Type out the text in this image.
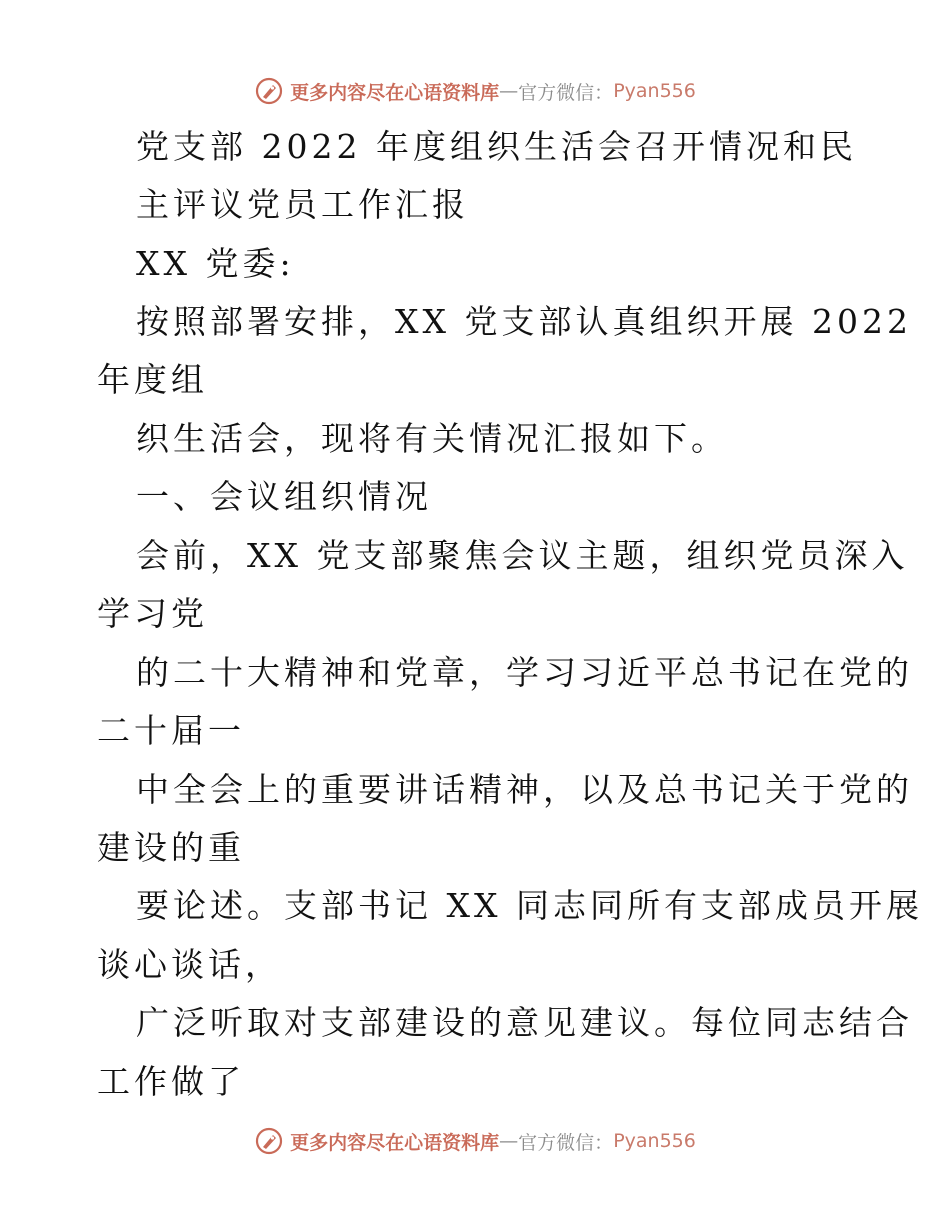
更多内容尽在心语资料库 — 官方微信： Pyan556
党支部 2022 年度组织生活会召开情况和民
主评议党员工作汇报
XX 党委:
按照部署安排，XX 党支部认真组织开展 2022
年度组
织生活会，现将有关情况汇报如下。
一、会议组织情况
会前，XX 党支部聚焦会议主题，组织党员深入
学习党
的二十大精神和党章，学习习近平总书记在党的
二十届一
中全会上的重要讲话精神，以及总书记关于党的
建设的重
要论述。支部书记 XX 同志同所有支部成员开展
谈心谈话，
广泛听取对支部建设的意见建议。每位同志结合
工作做了
更多内容尽在心语资料库 — 官方微信： Pyan556
